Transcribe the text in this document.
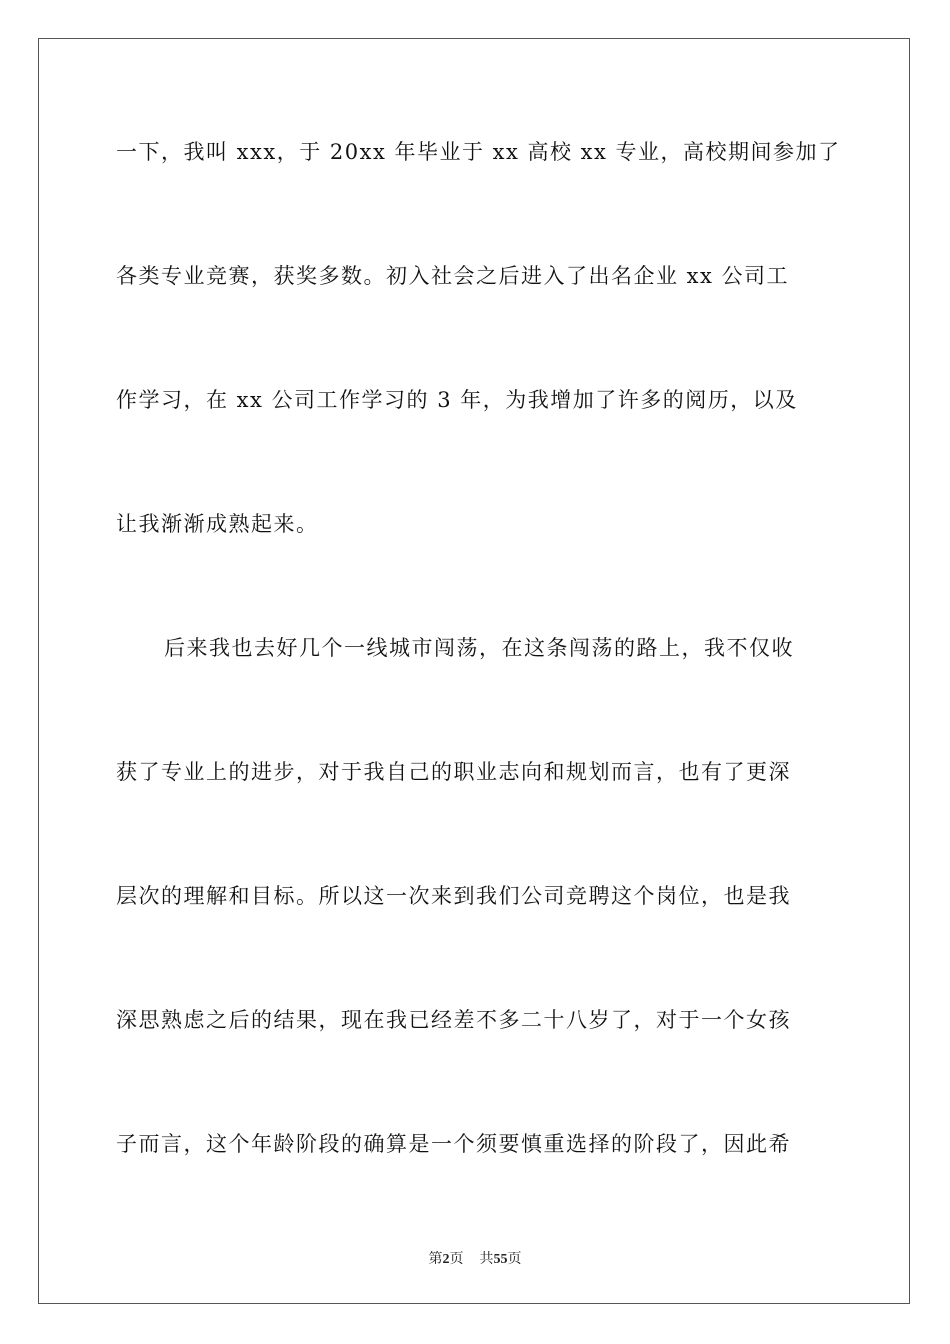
一下，我叫 xxx，于 20xx 年毕业于 xx 高校 xx 专业，高校期间参加了
各类专业竞赛，获奖多数。初入社会之后进入了出名企业 xx 公司工
作学习，在 xx 公司工作学习的 3 年，为我增加了许多的阅历，以及
让我渐渐成熟起来。
后来我也去好几个一线城市闯荡，在这条闯荡的路上，我不仅收
获了专业上的进步，对于我自己的职业志向和规划而言，也有了更深
层次的理解和目标。所以这一次来到我们公司竞聘这个岗位，也是我
深思熟虑之后的结果，现在我已经差不多二十八岁了，对于一个女孩
子而言，这个年龄阶段的确算是一个须要慎重选择的阶段了，因此希
第2页 共55页
